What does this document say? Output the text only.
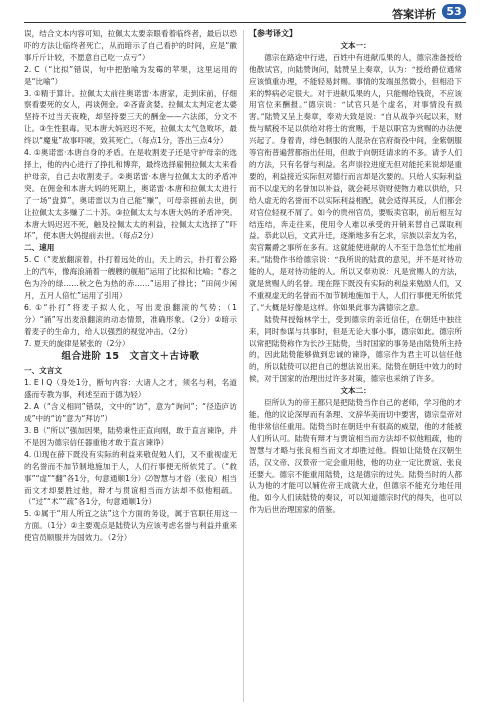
答案详析 53

误，结合文本内容可知，拉佩太太要亲眼看着临终者，最后以恐吓的方法让临终者死亡，从而暗示了自己看护的时间，应是“徽事斤斤计较，不愿意自己吃一点亏”）

2. C（“比拟”错误，句中把胎喻为发霉的苹果，这里运用的是“比喻”）

3. ①精于算计。拉佩太太前往奥诺雷·本唐家，走到床前，仔细察看要死的女人，再谈佣金。②吝啬贪婪。拉佩太太判定老太婆坚持不过当天夜晚，却坚持要三天的酬金——六法郎，分文不让。③生性狠毒。见本唐大妈迟迟不死，拉佩太太气急败坏，最终以“魔鬼”故事吓唬，致其死亡。（每点1分，答出三点4分）

4. ①奥诺雷·本唐自身的矛盾。在是收割麦子还是守护母亲的选择上，他的内心进行了挣扎和博弈，最终选择雇佣拉佩太太来看护母亲，自己去收割麦子。②奥诺雷·本唐与拉佩太太的矛盾冲突。在佣金和本唐大妈的死期上，奥诺雷·本唐和拉佩太太进行了一场“盘算”，奥诺雷以为自己能“赚”，可母亲捱前去世，倒让拉佩太太多赚了二十苏。③拉佩太太与本唐大妈的矛盾冲突。本唐大妈迟迟不死，触及拉佩太太的利益，拉佩太太选择了“吓坏”，使本唐大妈提前去世。（每点2分）

二、速用

5. C（“麦旅翻滚着，扑打着远处的山，天上的云，扑打着公路上的汽车，像海浪涌着一艘艘的舰船”运用了比拟和比喻；“春之色为冷的绿……秋之色为热的赤……”运用了排比；“田间少闲月，五月人倍忙”运用了引用）

6. ①“扑打”将麦子拟人化，写出麦浪翻滚的气势；（1分）“涌”写出麦浪翻滚的动态情景，准确形象。（2分）②暗示着麦子的生命力，给人以强烈的视觉冲击。（2分）

7. 夏天的旋律是紧张的（2分）

组合进阶 15　文言文＋古诗歌

一、文言文

1. E I Q（身处1分，断句内容：大诸人之才，须名与利，名道盛而专教为事，利述至而于德为轻）

2. A（“含义相同”错误，文中的“访”，意为“询问”；“径造庐访成”中的“访”意为“拜访”）

3. B（“所以”强加因果，陆势秉性正直向刚，敢于直言谏诤，并不是因为德宗信任器重他才敢于直言谏诤）

4. ⑴现在薛下既没有实际的利益来敬促勉人们，又不重视虚无的名誉而不加节制地施加于人，人们行事便无所依凭了。（“救事”“虚”“翻”各1分，句意通顺1分）⑵智慧与才俗（张良）相当而文才却要胜过他，辩才与贯谊相当而方法却不似他粗疏。（“过”“术”“疏”各1分，句意通顺1分）

5. ①属于“用人所宜之法”这个方面的务设，属于官职任用这一方面。（1分）②主要观点是陆贽认为应该考虑名誉与利益并重来使官员顺服并为国效力。（2分）

【参考译文】

文本一：

德宗在路途中行进，百姓中有进献瓜果的人，德宗准备授给他散试官，向陆赞询问，陆赞呈上奏章，认为：“授给爵位通常应该慎重办理，不能轻易封赐。事情的发端虽然微小，但相沿下来的弊病必定很大。对于进献瓜果的人，只能赐给钱资，不应该用官位来酬报。”德宗说：“试官只是个虚名，对事情没有损害。”陆赞又呈上奏章，奉劝大致是说：“自从战争兴起以来，财赀与赋税不足以供给对将士的赏赐，于是以职官为赏赐的办法便兴起了。身着青，绯色制服的人混杂在官府衙役中间，金紫朝服等官衔普遍营都指出任用，但敢于向朝廷请求的不多。请予人们的方法，只有名誉与利益。名声崇拉进度无但对能托来说却是重要的，利益接近实际但对德行而言却是次要的。只给人实际利益而不以虚无的名誉加以补益，就会耗尽资财使物力难以供给，只给人虚无的名誉而不以实际利益相配，就会适得其反，人们都会对官位轻视不屑了。如今的贵州官员，要贩卖官职，前后相互勾结连结，奔走往来，使用令人难以承受的开销来替自己谋取利益。恭此以后，文武升迁，逐渐地多有乞求，宗族以亲友为名，卖官鬻爵之事所在多有。这就能使进献的人不至于急急忙忙地前来。”陆贽作书给德宗说：“我所说的陆賁的意见，并不是对待功能的人，是对待功能的人。所以又奉劝说：凡是赏赐人的方法，就是赏赐人的名誉。现在陛下既没有实际的利益来勉励人们，又不重视虚无的名誉而不加节制地施加于人，人们行事便无所依凭了。”大概是好像是这样。你如果此事为满德宗之意。

陆贽拜授翰林学士，受到德宗的亲近信任，在朝廷中独往来，同时参谋与共事时，但是无论大事小事，德宗如此。德宗所以常把陆贽称作为长沙王陆贽，当时国家的事务是由陆贽所主持的，因此陆贽能够做到忠诚的谏诤，德宗作为君主可以信任他的，所以陆贽可以把自己的想法说出来。陆贽在朝廷中效力的时候，对于国家的治理出过许多对策，德宗也采纳了许多。

文本二：

臣所认为的帝王都只是把陆贽当作自己的老师，学习他的才能。他的议论深厚而有条理、文辞华美而切中要害，德宗皇帝对他非常信任重用。陆贽当时在朝廷中有很高的威望，他的才能被人们所认可。陆贽有辩才与贾谊相当而方法却不似他粗疏，他的智慧与才略与张良相当而文才却胜过他。假如让陆贽在汉朝生活，汉文帝、汉景帝一定会重用他，他的功业一定比贾谊、张良还要大。德宗不能重用陆贽，这是德宗的过失。陆贽当时的人都认为他的才能可以辅佐帝王成就大业，但德宗不能充分地任用他。如今人们读陆贽的奏议，可以知道德宗时代的得失，也可以作为后世治理国家的借鉴。
